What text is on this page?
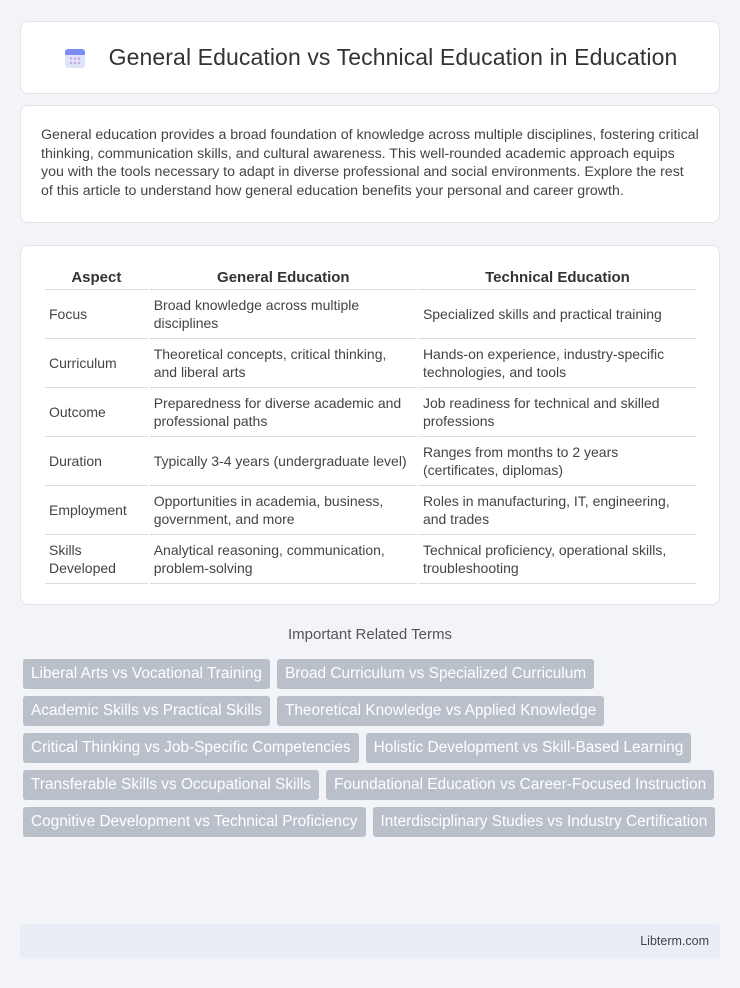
General Education vs Technical Education in Education

General education provides a broad foundation of knowledge across multiple disciplines, fostering critical thinking, communication skills, and cultural awareness. This well-rounded academic approach equips you with the tools necessary to adapt in diverse professional and social environments. Explore the rest of this article to understand how general education benefits your personal and career growth.

Aspect	General Education	Technical Education
Focus	Broad knowledge across multiple disciplines	Specialized skills and practical training
Curriculum	Theoretical concepts, critical thinking, and liberal arts	Hands-on experience, industry-specific technologies, and tools
Outcome	Preparedness for diverse academic and professional paths	Job readiness for technical and skilled professions
Duration	Typically 3-4 years (undergraduate level)	Ranges from months to 2 years (certificates, diplomas)
Employment	Opportunities in academia, business, government, and more	Roles in manufacturing, IT, engineering, and trades
Skills Developed	Analytical reasoning, communication, problem-solving	Technical proficiency, operational skills, troubleshooting
Important Related Terms
Liberal Arts vs Vocational Training	Broad Curriculum vs Specialized Curriculum
Academic Skills vs Practical Skills	Theoretical Knowledge vs Applied Knowledge
Critical Thinking vs Job-Specific Competencies	Holistic Development vs Skill-Based Learning
Transferable Skills vs Occupational Skills	Foundational Education vs Career-Focused Instruction
Cognitive Development vs Technical Proficiency	Interdisciplinary Studies vs Industry Certification
Libterm.com
